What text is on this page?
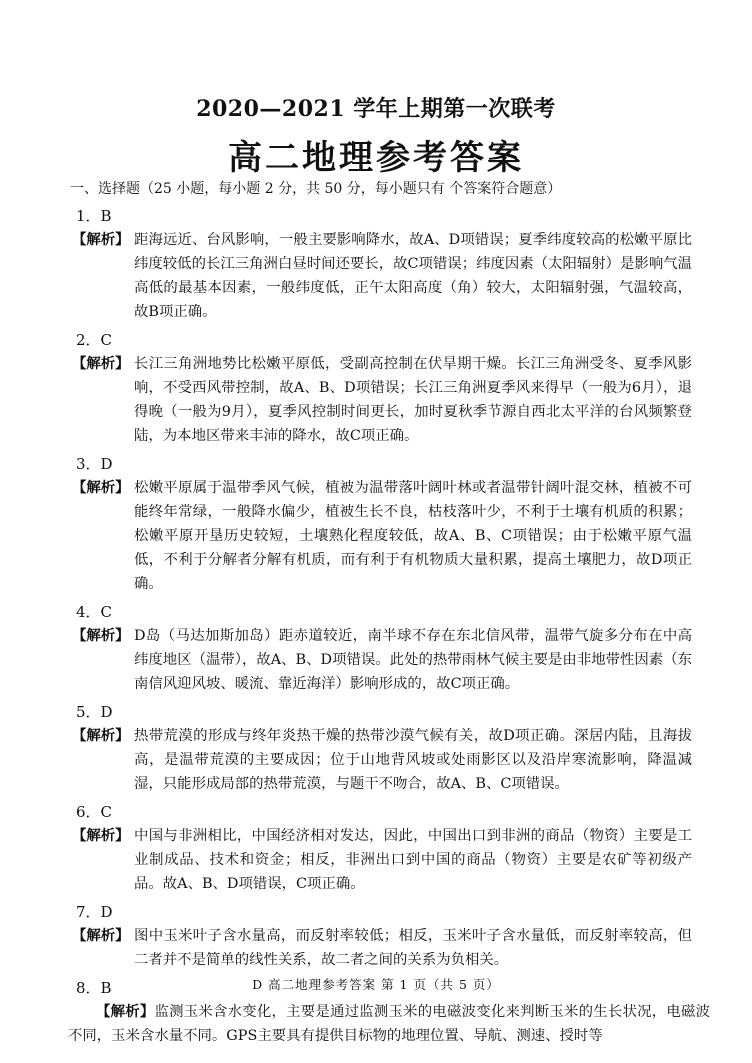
2020—2021 学年上期第一次联考
高二地理参考答案
一、选择题（25 小题，每小题 2 分，共 50 分，每小题只有 个答案符合题意）
1．B
【解析】 距海远近、台风影响，一般主要影响降水，故A、D项错误；夏季纬度较高的松嫩平原比纬度较低的长江三角洲白昼时间还要长，故C项错误；纬度因素（太阳辐射）是影响气温高低的最基本因素，一般纬度低，正午太阳高度（角）较大，太阳辐射强，气温较高，故B项正确。
2．C
【解析】 长江三角洲地势比松嫩平原低，受副高控制在伏旱期干燥。长江三角洲受冬、夏季风影响，不受西风带控制，故A、B、D项错误；长江三角洲夏季风来得早（一般为6月），退得晚（一般为9月），夏季风控制时间更长，加时夏秋季节源自西北太平洋的台风频繁登陆，为本地区带来丰沛的降水，故C项正确。
3．D
【解析】 松嫩平原属于温带季风气候，植被为温带落叶阔叶林或者温带针阔叶混交林，植被不可能终年常绿，一般降水偏少，植被生长不良，枯枝落叶少，不利于土壤有机质的积累；松嫩平原开垦历史较短，土壤熟化程度较低，故A、B、C项错误；由于松嫩平原气温低，不利于分解者分解有机质，而有利于有机物质大量积累，提高土壤肥力，故D项正确。
4．C
【解析】 D岛（马达加斯加岛）距赤道较近，南半球不存在东北信风带，温带气旋多分布在中高纬度地区（温带），故A、B、D项错误。此处的热带雨林气候主要是由非地带性因素（东南信风迎风坡、暖流、靠近海洋）影响形成的，故C项正确。
5．D
【解析】 热带荒漠的形成与终年炎热干燥的热带沙漠气候有关，故D项正确。深居内陆，且海拔高，是温带荒漠的主要成因；位于山地背风坡或处雨影区以及沿岸寒流影响，降温减湿，只能形成局部的热带荒漠，与题干不吻合，故A、B、C项错误。
6．C
【解析】 中国与非洲相比，中国经济相对发达，因此，中国出口到非洲的商品（物资）主要是工业制成品、技术和资金；相反，非洲出口到中国的商品（物资）主要是农矿等初级产品。故A、B、D项错误，C项正确。
7．D
【解析】 图中玉米叶子含水量高，而反射率较低；相反，玉米叶子含水量低，而反射率较高，但二者并不是简单的线性关系，故二者之间的关系为负相关。
8．B
【解析】监测玉米含水变化，主要是通过监测玉米的电磁波变化来判断玉米的生长状况，电磁波不同，玉米含水量不同。GPS主要具有提供目标物的地理位置、导航、测速、授时等
D 高二地理参考答案 第 1 页（共 5 页）
